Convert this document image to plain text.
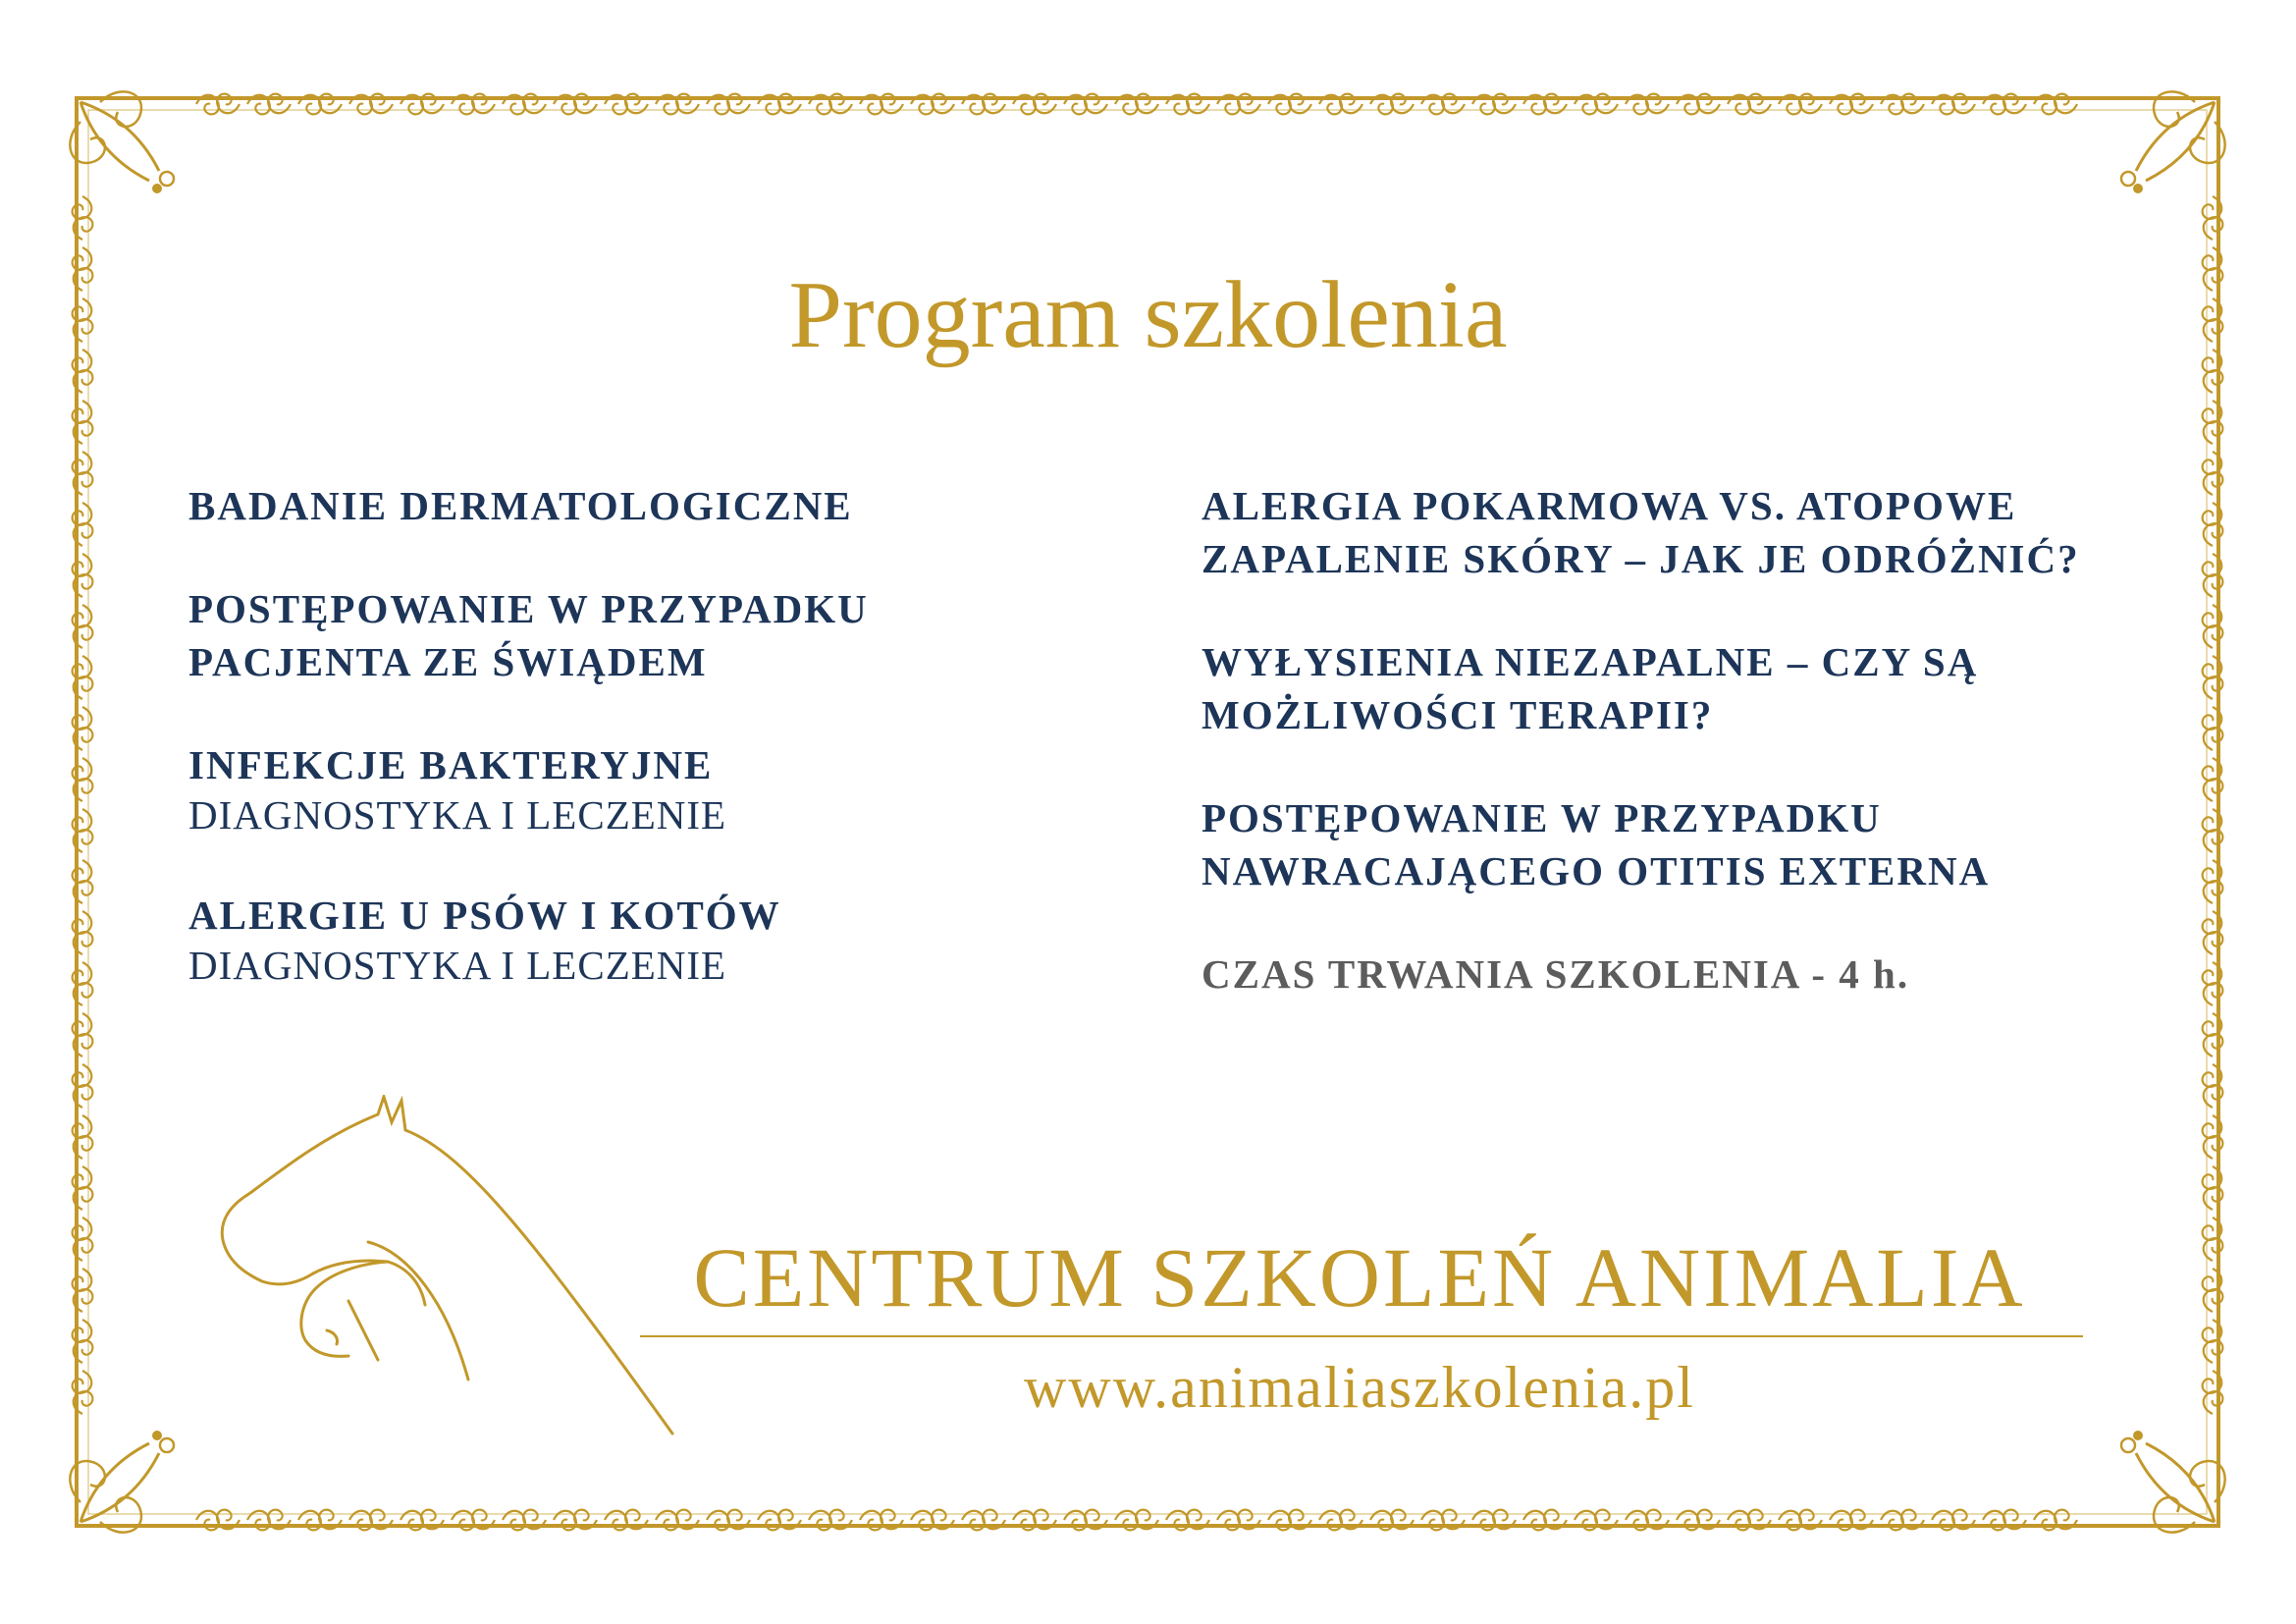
Program szkolenia
BADANIE DERMATOLOGICZNE
POSTĘPOWANIE W PRZYPADKU PACJENTA ZE ŚWIĄDEM
INFEKCJE BAKTERYJNE
DIAGNOSTYKA I LECZENIE
ALERGIE U PSÓW I KOTÓW
DIAGNOSTYKA I LECZENIE
ALERGIA POKARMOWA VS. ATOPOWE ZAPALENIE SKÓRY – JAK JE ODRÓŻNIĆ?
WYŁYSIENIA NIEZAPALNE – CZY SĄ MOŻLIWOŚCI TERAPII?
POSTĘPOWANIE W PRZYPADKU NAWRACAJĄCEGO OTITIS EXTERNA
CZAS TRWANIA SZKOLENIA - 4 h.
CENTRUM SZKOLEŃ ANIMALIA
www.animaliaszkolenia.pl
